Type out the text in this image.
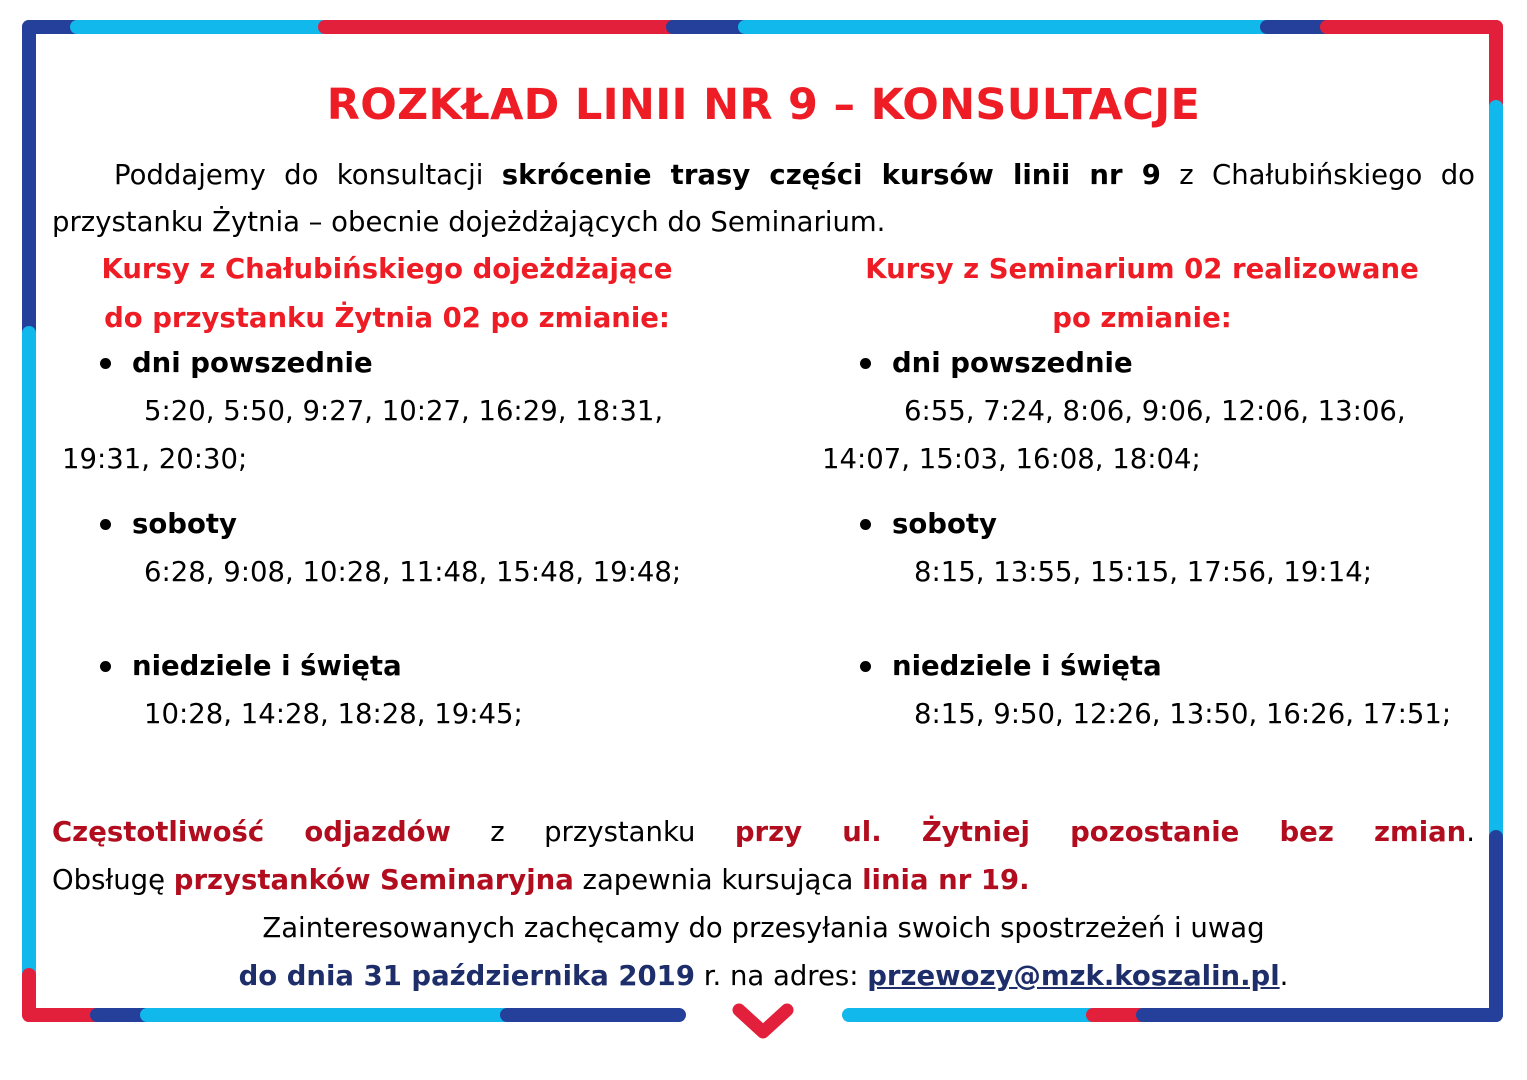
ROZKŁAD LINII NR 9 – KONSULTACJE
Poddajemy do konsultacji skrócenie trasy części kursów linii nr 9 z Chałubińskiego do przystanku Żytnia – obecnie dojeżdżających do Seminarium.
Kursy z Chałubińskiego dojeżdżające
do przystanku Żytnia 02 po zmianie:
dni powszednie
5:20, 5:50, 9:27, 10:27, 16:29, 18:31, 19:31, 20:30;
soboty
6:28, 9:08, 10:28, 11:48, 15:48, 19:48;
niedziele i święta
10:28, 14:28, 18:28, 19:45;
Kursy z Seminarium 02 realizowane
po zmianie:
dni powszednie
6:55, 7:24, 8:06, 9:06, 12:06, 13:06, 14:07, 15:03, 16:08, 18:04;
soboty
8:15, 13:55, 15:15, 17:56, 19:14;
niedziele i święta
8:15, 9:50, 12:26, 13:50, 16:26, 17:51;
Częstotliwość odjazdów z przystanku przy ul. Żytniej pozostanie bez zmian.
Obsługę przystanków Seminaryjna zapewnia kursująca linia nr 19.
Zainteresowanych zachęcamy do przesyłania swoich spostrzeżeń i uwag
do dnia 31 października 2019 r. na adres: przewozy@mzk.koszalin.pl.
